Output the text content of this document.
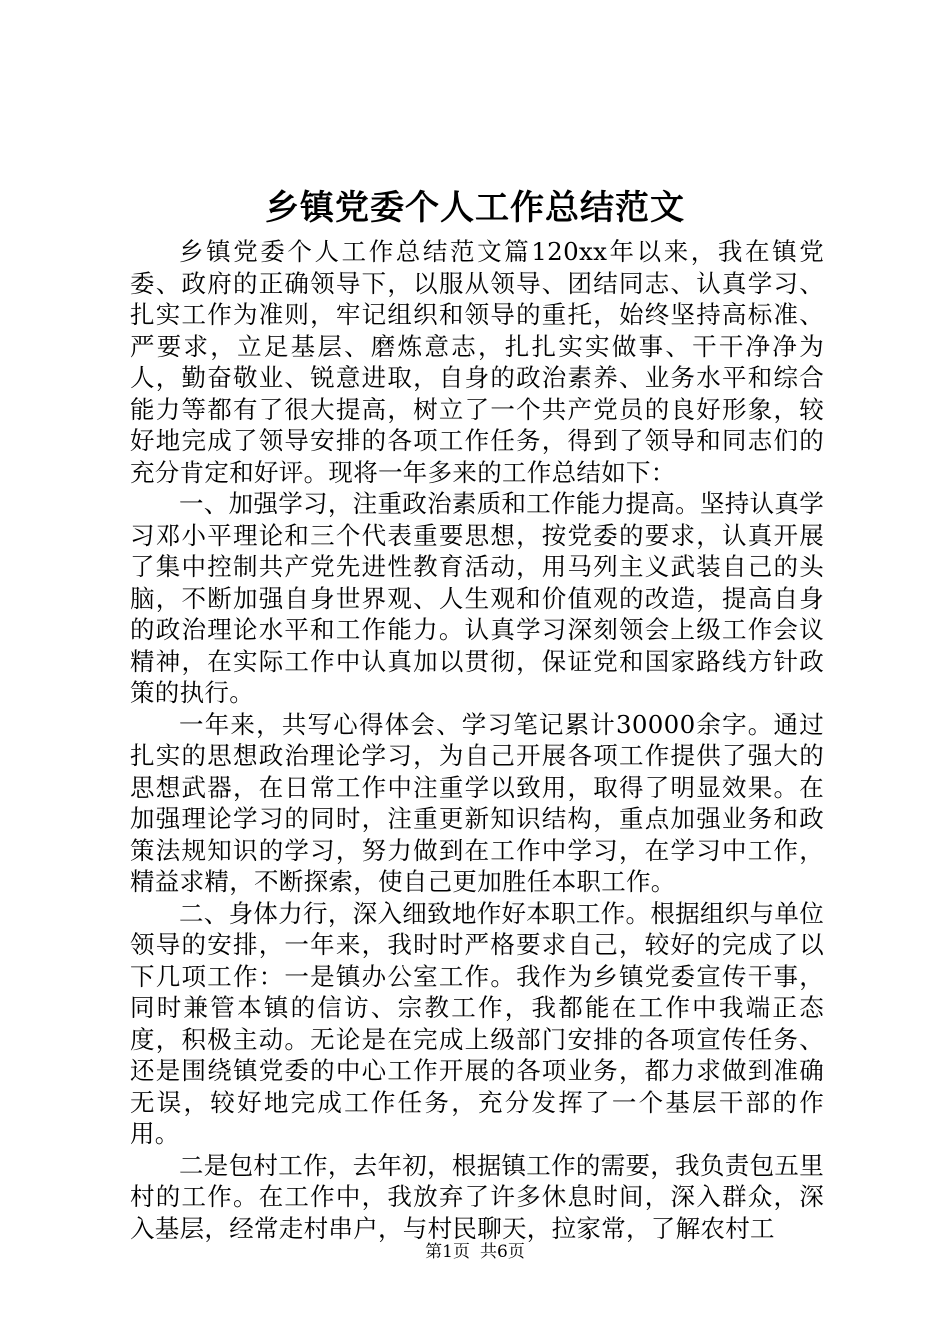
乡镇党委个人工作总结范文

乡镇党委个人工作总结范文篇120xx年以来，我在镇党委、政府的正确领导下，以服从领导、团结同志、认真学习、扎实工作为准则，牢记组织和领导的重托，始终坚持高标准、严要求，立足基层、磨炼意志，扎扎实实做事、干干净净为人，勤奋敬业、锐意进取，自身的政治素养、业务水平和综合能力等都有了很大提高，树立了一个共产党员的良好形象，较好地完成了领导安排的各项工作任务，得到了领导和同志们的充分肯定和好评。现将一年多来的工作总结如下：

一、加强学习，注重政治素质和工作能力提高。坚持认真学习邓小平理论和三个代表重要思想，按党委的要求，认真开展了集中控制共产党先进性教育活动，用马列主义武装自己的头脑，不断加强自身世界观、人生观和价值观的改造，提高自身的政治理论水平和工作能力。认真学习深刻领会上级工作会议精神，在实际工作中认真加以贯彻，保证党和国家路线方针政策的执行。

一年来，共写心得体会、学习笔记累计30000余字。通过扎实的思想政治理论学习，为自己开展各项工作提供了强大的思想武器，在日常工作中注重学以致用，取得了明显效果。在加强理论学习的同时，注重更新知识结构，重点加强业务和政策法规知识的学习，努力做到在工作中学习，在学习中工作，精益求精，不断探索，使自己更加胜任本职工作。

二、身体力行，深入细致地作好本职工作。根据组织与单位领导的安排，一年来，我时时严格要求自己，较好的完成了以下几项工作：一是镇办公室工作。我作为乡镇党委宣传干事，同时兼管本镇的信访、宗教工作，我都能在工作中我端正态度，积极主动。无论是在完成上级部门安排的各项宣传任务、还是围绕镇党委的中心工作开展的各项业务，都力求做到准确无误，较好地完成工作任务，充分发挥了一个基层干部的作用。

二是包村工作，去年初，根据镇工作的需要，我负责包五里村的工作。在工作中，我放弃了许多休息时间，深入群众，深入基层，经常走村串户，与村民聊天，拉家常，了解农村工

第1页 共6页
